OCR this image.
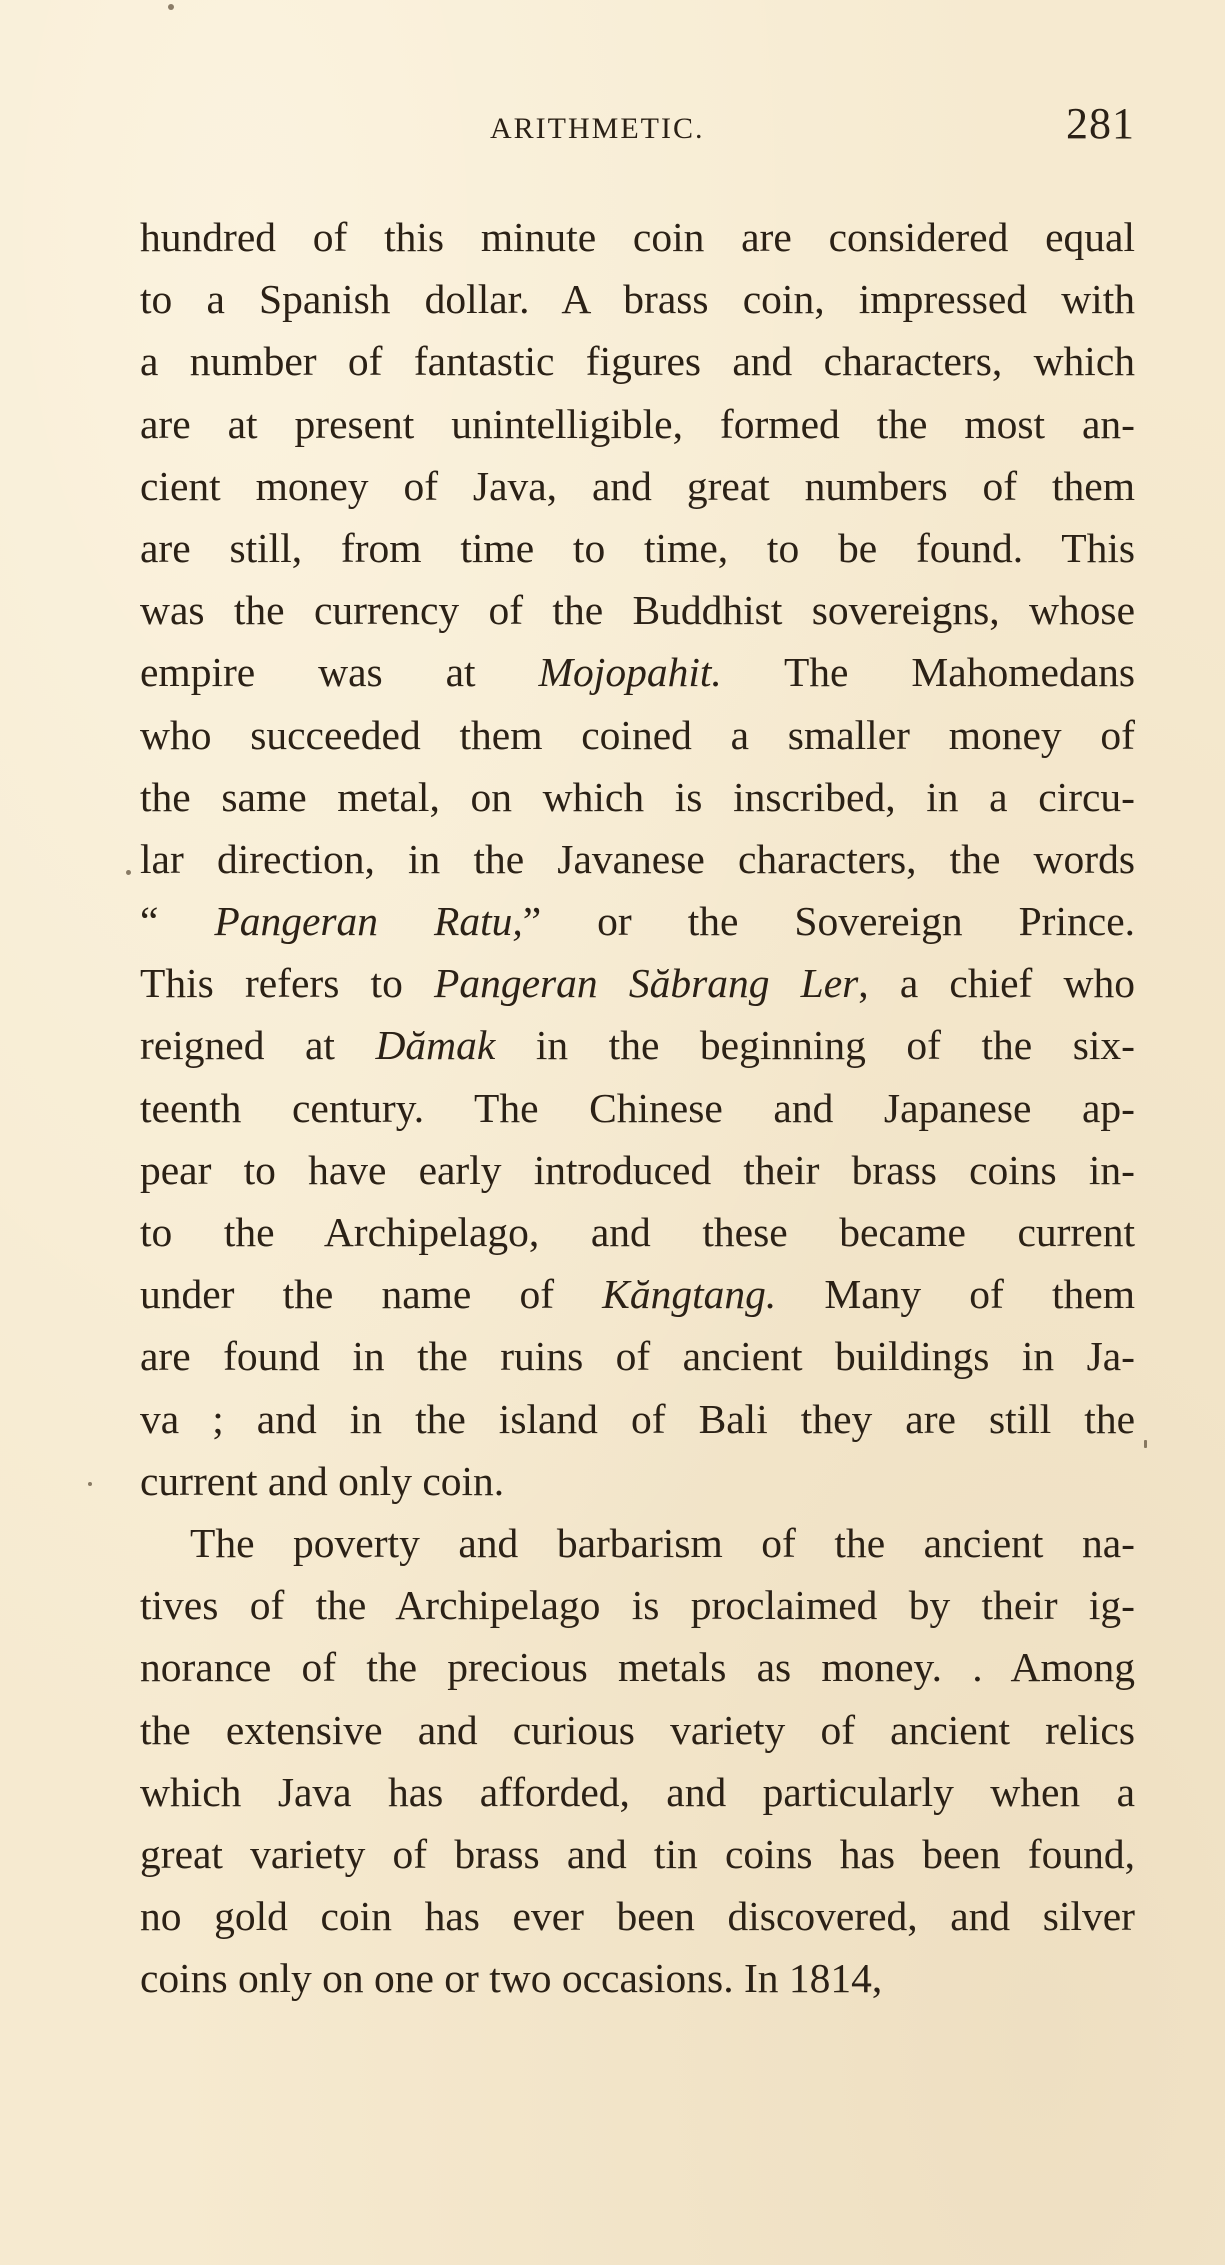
ARITHMETIC.	281
hundred of this minute coin are considered equal
to a Spanish dollar. A brass coin, impressed with
a number of fantastic figures and characters, which
are at present unintelligible, formed the most an-
cient money of Java, and great numbers of them
are still, from time to time, to be found. This
was the currency of the Buddhist sovereigns, whose
empire was at Mojopahit. The Mahomedans
who succeeded them coined a smaller money of
the same metal, on which is inscribed, in a circu-
lar direction, in the Javanese characters, the words
“ Pangeran Ratu,” or the Sovereign Prince.
This refers to Pangeran Săbrang Ler, a chief who
reigned at Dămak in the beginning of the six-
teenth century. The Chinese and Japanese ap-
pear to have early introduced their brass coins in-
to the Archipelago, and these became current
under the name of Kăngtang. Many of them
are found in the ruins of ancient buildings in Ja-
va ; and in the island of Bali they are still the
current and only coin.
The poverty and barbarism of the ancient na-
tives of the Archipelago is proclaimed by their ig-
norance of the precious metals as money. . Among
the extensive and curious variety of ancient relics
which Java has afforded, and particularly when a
great variety of brass and tin coins has been found,
no gold coin has ever been discovered, and silver
coins only on one or two occasions. In 1814,
